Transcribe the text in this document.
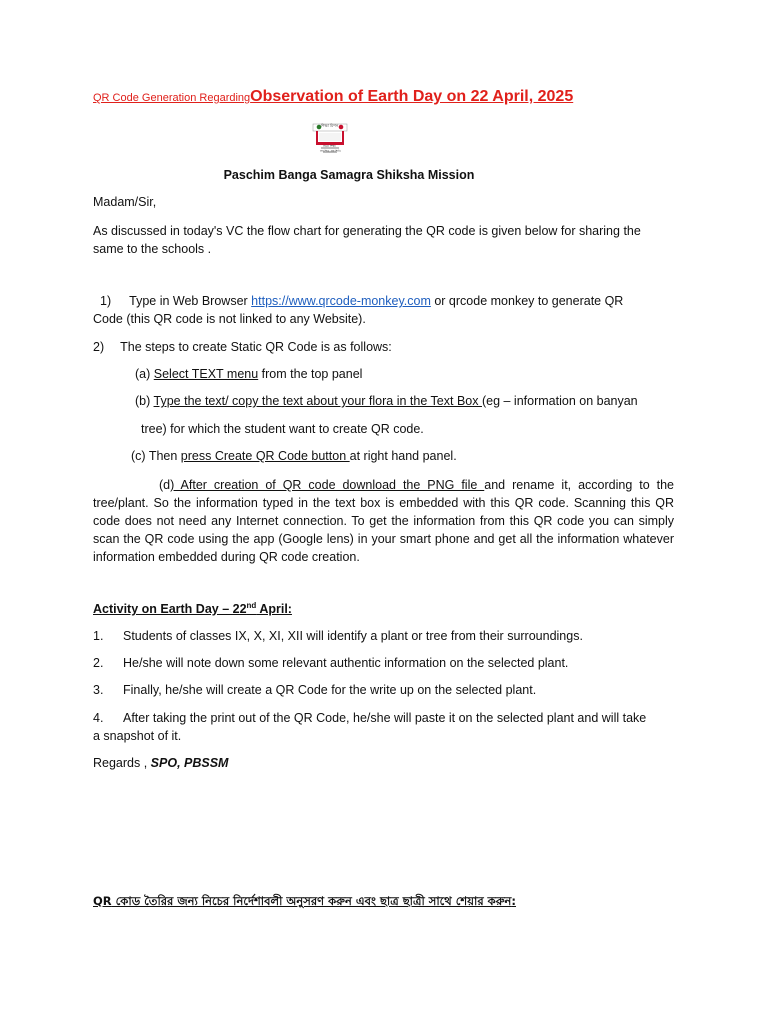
QR Code Generation RegardingObservation of Earth Day on 22 April, 2025
শিক্ষা মিশন
সমগ্র শিক্ষা
সব শিখ, সব শিখি
Paschim Banga Samagra Shiksha Mission
Madam/Sir,
As discussed in today's VC the flow chart for generating the QR code is given below for sharing the same to the schools .
1) Type in Web Browser https://www.qrcode-monkey.com or qrcode monkey to generate QR
Code (this QR code is not linked to any Website).
2) The steps to create Static QR Code is as follows:
(a) Select TEXT menu from the top panel
(b) Type the text/ copy the text about your flora in the Text Box (eg – information on banyan
tree) for which the student want to create QR code.
(c) Then press Create QR Code button at right hand panel.
(d) After creation of QR code download the PNG file and rename it, according to the tree/plant. So the information typed in the text box is embedded with this QR code. Scanning this QR code does not need any Internet connection. To get the information from this QR code you can simply scan the QR code using the app (Google lens) in your smart phone and get all the information whatever information embedded during QR code creation.
Activity on Earth Day – 22nd April:
1. Students of classes IX, X, XI, XII will identify a plant or tree from their surroundings.
2. He/she will note down some relevant authentic information on the selected plant.
3. Finally, he/she will create a QR Code for the write up on the selected plant.
4. After taking the print out of the QR Code, he/she will paste it on the selected plant and will take
a snapshot of it.
Regards , SPO, PBSSM
QR কোড তৈরির জন্য নিচের নির্দেশাবলী অনুসরণ করুন এবং ছাত্র ছাত্রী সাথে শেয়ার করুন:
